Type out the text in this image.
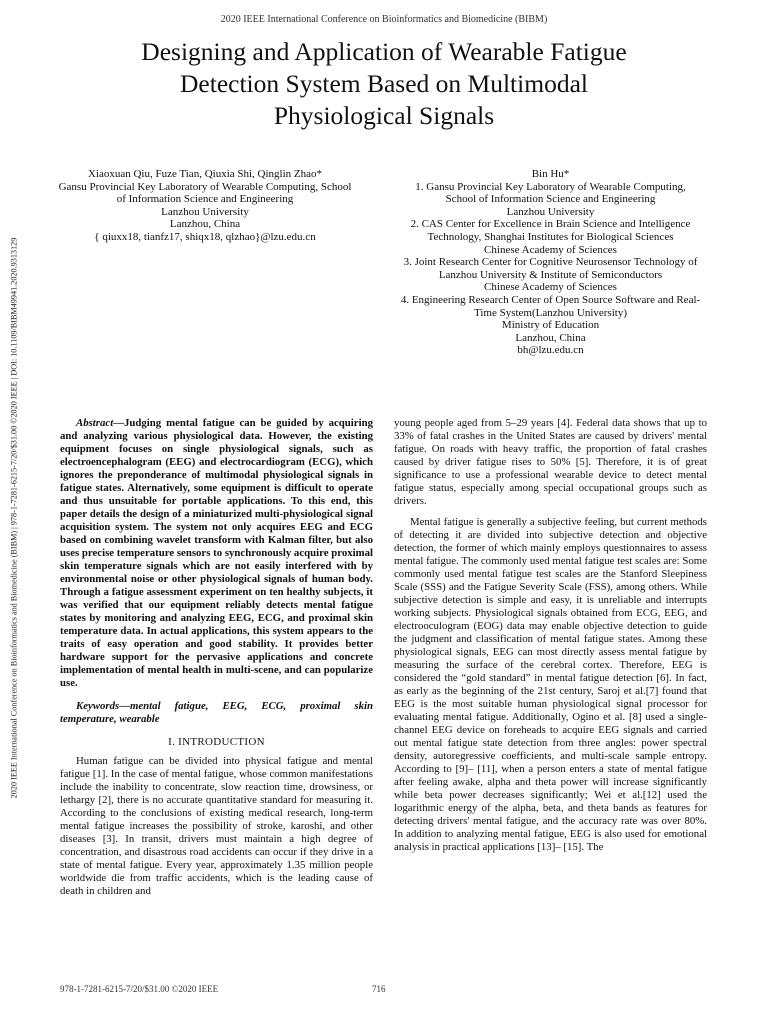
2020 IEEE International Conference on Bioinformatics and Biomedicine (BIBM)
Designing and Application of Wearable Fatigue
Detection System Based on Multimodal
Physiological Signals
Xiaoxuan Qiu, Fuze Tian, Qiuxia Shi, Qinglin Zhao*
Gansu Provincial Key Laboratory of Wearable Computing, School
of Information Science and Engineering
Lanzhou University
Lanzhou, China
{ qiuxx18, tianfz17, shiqx18, qlzhao}@lzu.edu.cn
Bin Hu*
1. Gansu Provincial Key Laboratory of Wearable Computing,
School of Information Science and Engineering
Lanzhou University
2. CAS Center for Excellence in Brain Science and Intelligence
Technology, Shanghai Institutes for Biological Sciences
Chinese Academy of Sciences
3. Joint Research Center for Cognitive Neurosensor Technology of
Lanzhou University & Institute of Semiconductors
Chinese Academy of Sciences
4. Engineering Research Center of Open Source Software and Real-
Time System(Lanzhou University)
Ministry of Education
Lanzhou, China
bh@lzu.edu.cn
2020 IEEE International Conference on Bioinformatics and Biomedicine (BIBM) | 978-1-7281-6215-7/20/$31.00 ©2020 IEEE | DOI: 10.1109/BIBM49941.2020.9313129	Abstract—Judging mental fatigue can be guided by acquiring and analyzing various physiological data. However, the existing equipment focuses on single physiological signals, such as electroencephalogram (EEG) and electrocardiogram (ECG), which ignores the preponderance of multimodal physiological signals in fatigue states. Alternatively, some equipment is difficult to operate and thus unsuitable for portable applications. To this end, this paper details the design of a miniaturized multi-physiological signal acquisition system. The system not only acquires EEG and ECG based on combining wavelet transform with Kalman filter, but also uses precise temperature sensors to synchronously acquire proximal skin temperature signals which are not easily interfered with by environmental noise or other physiological signals of human body. Through a fatigue assessment experiment on ten healthy subjects, it was verified that our equipment reliably detects mental fatigue states by monitoring and analyzing EEG, ECG, and proximal skin temperature data. In actual applications, this system appears to the traits of easy operation and good stability. It provides better hardware support for the pervasive applications and concrete implementation of mental health in multi-scene, and can popularize use.

Keywords—mental fatigue, EEG, ECG, proximal skin temperature, wearable

I. INTRODUCTION

Human fatigue can be divided into physical fatigue and mental fatigue [1]. In the case of mental fatigue, whose common manifestations include the inability to concentrate, slow reaction time, drowsiness, or lethargy [2], there is no accurate quantitative standard for measuring it. According to the conclusions of existing medical research, long-term mental fatigue increases the possibility of stroke, karoshi, and other diseases [3]. In transit, drivers must maintain a high degree of concentration, and disastrous road accidents can occur if they drive in a state of mental fatigue. Every year, approximately 1.35 million people worldwide die from traffic accidents, which is the leading cause of death in children and

young people aged from 5–29 years [4]. Federal data shows that up to 33% of fatal crashes in the United States are caused by drivers' mental fatigue. On roads with heavy traffic, the proportion of fatal crashes caused by driver fatigue rises to 50% [5]. Therefore, it is of great significance to use a professional wearable device to detect mental fatigue status, especially among special occupational groups such as drivers.

Mental fatigue is generally a subjective feeling, but current methods of detecting it are divided into subjective detection and objective detection, the former of which mainly employs questionnaires to assess mental fatigue. The commonly used mental fatigue test scales are: Some commonly used mental fatigue test scales are the Stanford Sleepiness Scale (SSS) and the Fatigue Severity Scale (FSS), among others. While subjective detection is simple and easy, it is unreliable and interrupts working subjects. Physiological signals obtained from ECG, EEG, and electrooculogram (EOG) data may enable objective detection to guide the judgment and classification of mental fatigue states. Among these physiological signals, EEG can most directly assess mental fatigue by measuring the surface of the cerebral cortex. Therefore, EEG is considered the “gold standard” in mental fatigue detection [6]. In fact, as early as the beginning of the 21st century, Saroj et al.[7] found that EEG is the most suitable human physiological signal processor for evaluating mental fatigue. Additionally, Ogino et al. [8] used a single-channel EEG device on foreheads to acquire EEG signals and carried out mental fatigue state detection from three angles: power spectral density, autoregressive coefficients, and multi-scale sample entropy. According to [9]– [11], when a person enters a state of mental fatigue after feeling awake, alpha and theta power will increase significantly while beta power decreases significantly; Wei et al.[12] used the logarithmic energy of the alpha, beta, and theta bands as features for detecting drivers' mental fatigue, and the accuracy rate was over 80%. In addition to analyzing mental fatigue, EEG is also used for emotional analysis in practical applications [13]– [15]. The

978-1-7281-6215-7/20/$31.00 ©2020 IEEE	716
